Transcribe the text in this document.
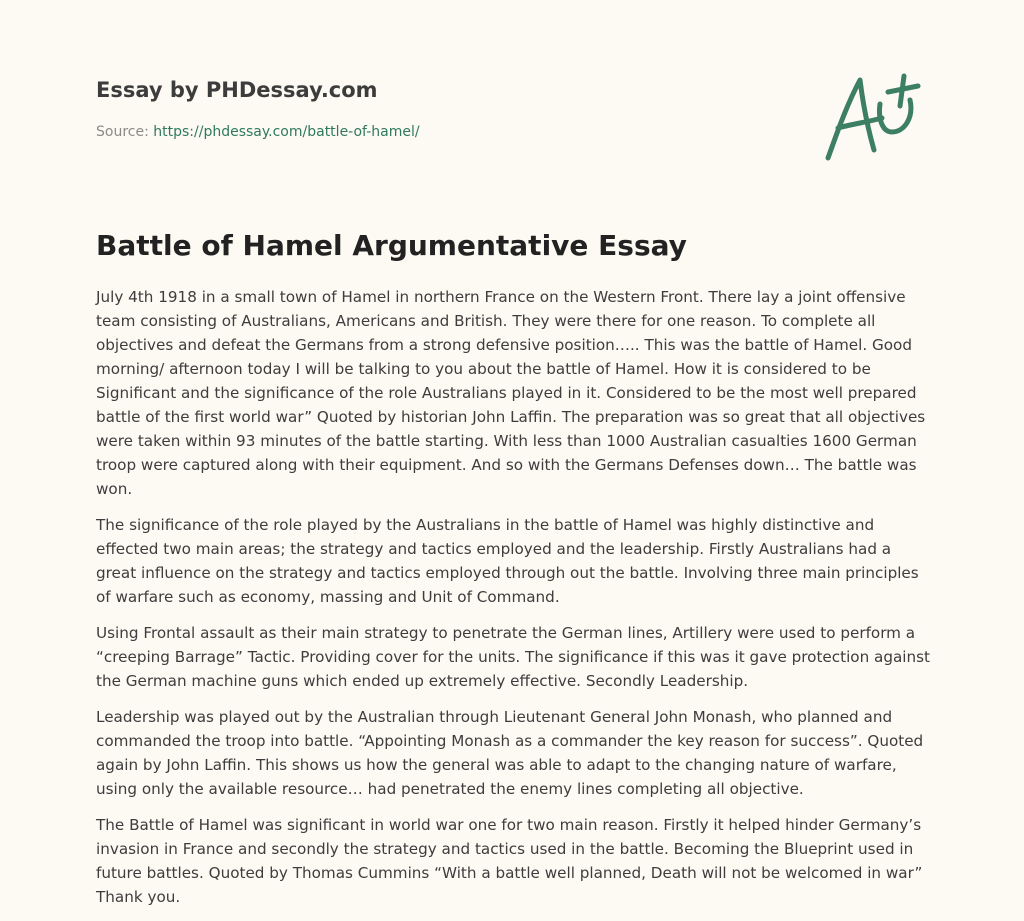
Essay by PHDessay.com
Source: https://phdessay.com/battle-of-hamel/
Battle of Hamel Argumentative Essay

July 4th 1918 in a small town of Hamel in northern France on the Western Front. There lay a joint offensive team consisting of Australians, Americans and British. They were there for one reason. To complete all objectives and defeat the Germans from a strong defensive position….. This was the battle of Hamel. Good morning/ afternoon today I will be talking to you about the battle of Hamel. How it is considered to be Significant and the significance of the role Australians played in it. Considered to be the most well prepared battle of the first world war” Quoted by historian John Laffin. The preparation was so great that all objectives were taken within 93 minutes of the battle starting. With less than 1000 Australian casualties 1600 German troop were captured along with their equipment. And so with the Germans Defenses down… The battle was won.

The significance of the role played by the Australians in the battle of Hamel was highly distinctive and effected two main areas; the strategy and tactics employed and the leadership. Firstly Australians had a great influence on the strategy and tactics employed through out the battle. Involving three main principles of warfare such as economy, massing and Unit of Command.

Using Frontal assault as their main strategy to penetrate the German lines, Artillery were used to perform a “creeping Barrage” Tactic. Providing cover for the units. The significance if this was it gave protection against the German machine guns which ended up extremely effective. Secondly Leadership.

Leadership was played out by the Australian through Lieutenant General John Monash, who planned and commanded the troop into battle. “Appointing Monash as a commander the key reason for success”. Quoted again by John Laffin. This shows us how the general was able to adapt to the changing nature of warfare, using only the available resource… had penetrated the enemy lines completing all objective.

The Battle of Hamel was significant in world war one for two main reason. Firstly it helped hinder Germany’s invasion in France and secondly the strategy and tactics used in the battle. Becoming the Blueprint used in future battles. Quoted by Thomas Cummins “With a battle well planned, Death will not be welcomed in war” Thank you.
